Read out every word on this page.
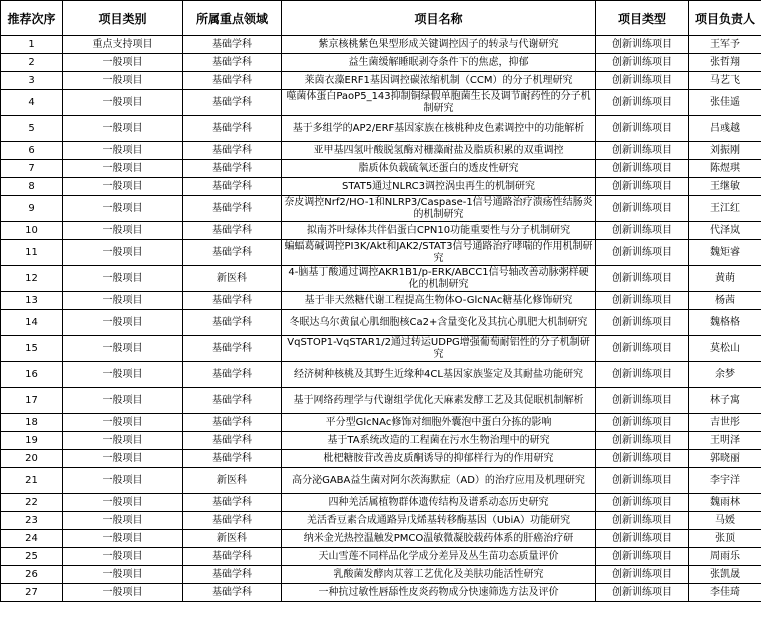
推荐次序	项目类别	所属重点领域	项目名称	项目类型	项目负责人
1	重点支持项目	基础学科	紫京核桃紫色果型形成关键调控因子的转录与代谢研究	创新训练项目	王军予
2	一般项目	基础学科	益生菌缓解睡眠剥夺条件下的焦虑，抑郁	创新训练项目	张哲翔
3	一般项目	基础学科	莱茵衣藻ERF1基因调控碳浓缩机制（CCM）的分子机理研究	创新训练项目	马艺飞
4	一般项目	基础学科	噬菌体蛋白PaoP5_143抑制铜绿假单胞菌生长及调节耐药性的分子机制研究	创新训练项目	张佳遥
5	一般项目	基础学科	基于多组学的AP2/ERF基因家族在核桃种皮色素调控中的功能解析	创新训练项目	吕彧越
6	一般项目	基础学科	亚甲基四氢叶酸脱氢酶对栅藻耐盐及脂质积累的双重调控	创新训练项目	刘振刚
7	一般项目	基础学科	脂质体负载硫氧还蛋白的透皮性研究	创新训练项目	陈煜琪
8	一般项目	基础学科	STAT5通过NLRC3调控涡虫再生的机制研究	创新训练项目	王继敏
9	一般项目	基础学科	奈皮调控Nrf2/HO-1和NLRP3/Caspase-1信号通路治疗溃疡性结肠炎的机制研究	创新训练项目	王江红
10	一般项目	基础学科	拟南芥叶绿体共伴侣蛋白CPN10功能重要性与分子机制研究	创新训练项目	代泽岚
11	一般项目	基础学科	蝙蝠葛碱调控PI3K/Akt和JAK2/STAT3信号通路治疗哮喘的作用机制研究	创新训练项目	魏矩睿
12	一般项目	新医科	4-脑基丁酸通过调控AKR1B1/p-ERK/ABCC1信号轴改善动脉粥样硬化的机制研究	创新训练项目	黄萌
13	一般项目	基础学科	基于非天然糖代谢工程提高生物体O-GlcNAc糖基化修饰研究	创新训练项目	杨茜
14	一般项目	基础学科	冬眠达乌尔黄鼠心肌细胞核Ca2+含量变化及其抗心肌肥大机制研究	创新训练项目	魏格格
15	一般项目	基础学科	VqSTOP1-VqSTAR1/2通过转运UDPG增强葡萄耐铝性的分子机制研究	创新训练项目	莫松山
16	一般项目	基础学科	经济树种核桃及其野生近缘种4CL基因家族鉴定及其耐盐功能研究	创新训练项目	余梦
17	一般项目	基础学科	基于网络药理学与代谢组学优化天麻素发酵工艺及其促眠机制解析	创新训练项目	林子寓
18	一般项目	基础学科	平分型GlcNAc修饰对细胞外囊泡中蛋白分拣的影响	创新训练项目	吉世彤
19	一般项目	基础学科	基于TA系统改造的工程菌在污水生物治理中的研究	创新训练项目	王明泽
20	一般项目	基础学科	枇杷糖胺苷改善皮质酮诱导的抑郁样行为的作用研究	创新训练项目	郭晓丽
21	一般项目	新医科	高分泌GABA益生菌对阿尔茨海默症（AD）的治疗应用及机理研究	创新训练项目	李宇洋
22	一般项目	基础学科	四种羌活属植物群体遗传结构及谱系动态历史研究	创新训练项目	魏雨林
23	一般项目	基础学科	羌活香豆素合成通路异戊烯基转移酶基因（UbiA）功能研究	创新训练项目	马媛
24	一般项目	新医科	纳米金光热控温触发PMCO温敏微凝胶载药体系的肝癌治疗研	创新训练项目	张顶
25	一般项目	基础学科	天山雪莲不同样品化学成分差异及丛生苗功态质量评价	创新训练项目	周雨乐
26	一般项目	基础学科	乳酸菌发酵肉苁蓉工艺优化及美肤功能活性研究	创新训练项目	张凯晟
27	一般项目	基础学科	一种抗过敏性唇舔性皮炎药物成分快速筛选方法及评价	创新训练项目	李佳琦
